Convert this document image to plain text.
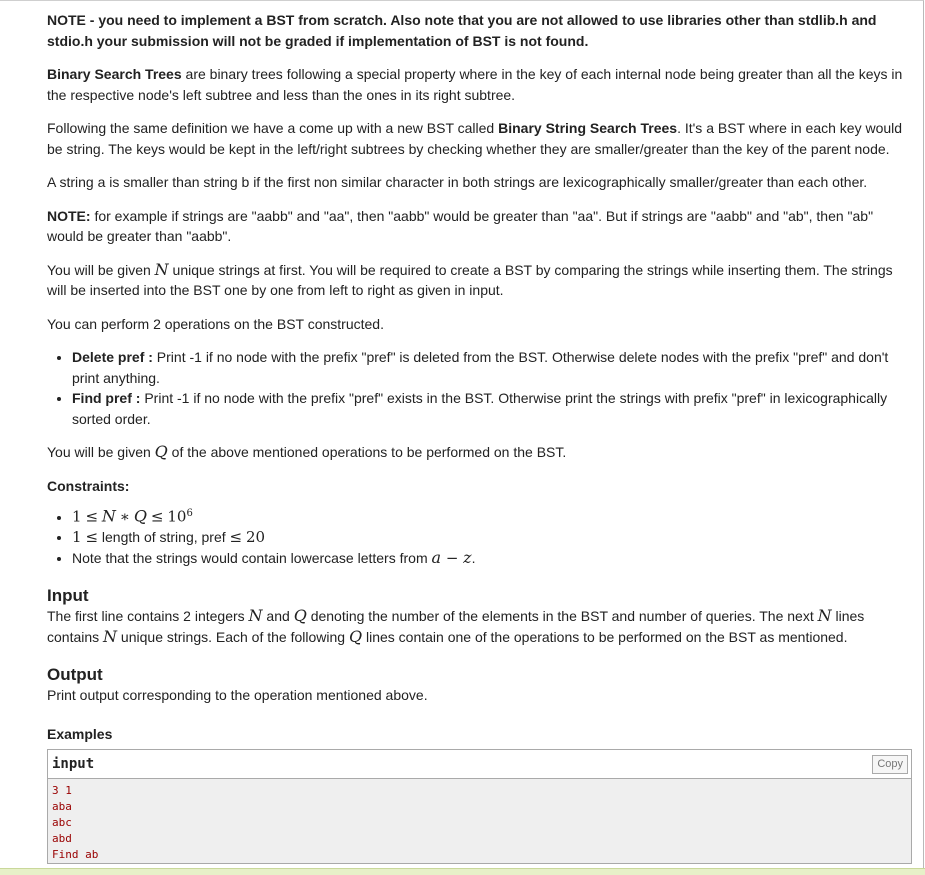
NOTE - you need to implement a BST from scratch. Also note that you are not allowed to use libraries other than stdlib.h and stdio.h your submission will not be graded if implementation of BST is not found.

Binary Search Trees are binary trees following a special property where in the key of each internal node being greater than all the keys in the respective node's left subtree and less than the ones in its right subtree.

Following the same definition we have a come up with a new BST called Binary String Search Trees. It's a BST where in each key would be string. The keys would be kept in the left/right subtrees by checking whether they are smaller/greater than the key of the parent node.

A string a is smaller than string b if the first non similar character in both strings are lexicographically smaller/greater than each other.

NOTE: for example if strings are "aabb" and "aa", then "aabb" would be greater than "aa". But if strings are "aabb" and "ab", then "ab" would be greater than "aabb".

You will be given N unique strings at first. You will be required to create a BST by comparing the strings while inserting them. The strings will be inserted into the BST one by one from left to right as given in input.

You can perform 2 operations on the BST constructed.

• Delete pref : Print -1 if no node with the prefix "pref" is deleted from the BST. Otherwise delete nodes with the prefix "pref" and don't print anything.
• Find pref : Print -1 if no node with the prefix "pref" exists in the BST. Otherwise print the strings with prefix "pref" in lexicographically sorted order.

You will be given Q of the above mentioned operations to be performed on the BST.

Constraints:

• 1 ≤ N ∗ $Q \le 10^6$
• 1 ≤ length of string, pref ≤ 20
• Note that the strings would contain lowercase letters from a − z.
Input
The first line contains 2 integers N and Q denoting the number of the elements in the BST and number of queries. The next N lines contains N unique strings. Each of the following Q lines contain one of the operations to be performed on the BST as mentioned.
Output
Print output corresponding to the operation mentioned above.
Examples
input	Copy
3 1
aba
abc
abd
Find ab
